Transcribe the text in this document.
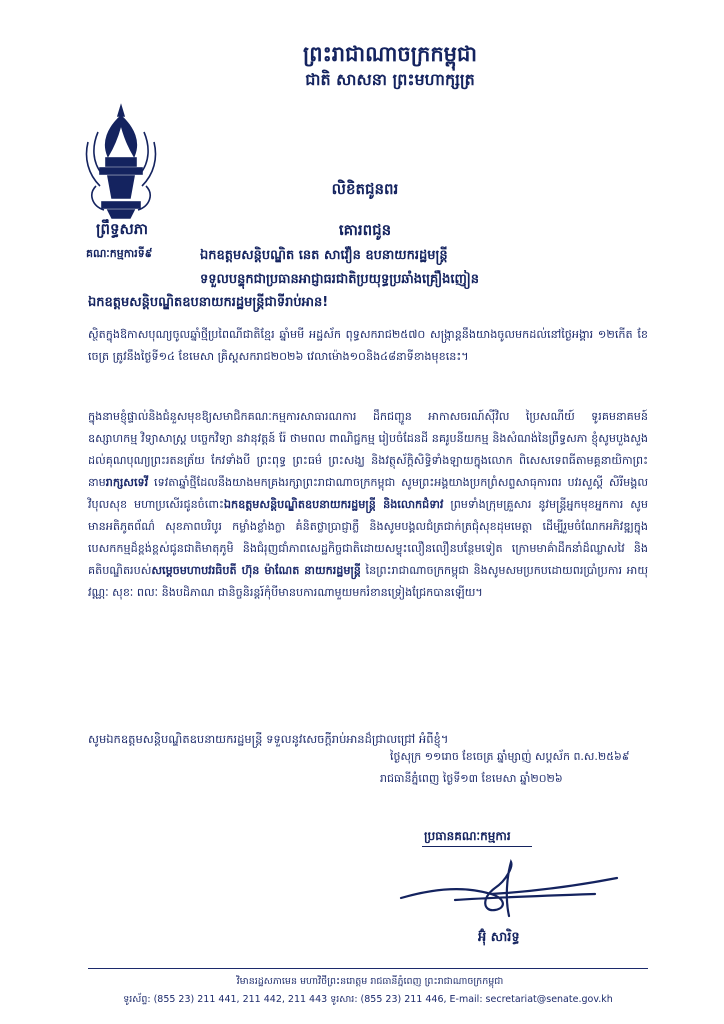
ព្រះរាជាណាចក្រកម្ពុជា
ជាតិ សាសនា ព្រះមហាក្សត្រ
ព្រឹទ្ធសភា
គណៈកម្មការទី៩
លិខិតជូនពរ
គោរពជូន
ឯកឧត្តមសន្តិបណ្ឌិត នេត សាវឿន ឧបនាយករដ្ឋមន្ត្រី
ទទួលបន្ទុកជាប្រធានអាជ្ញាធរជាតិប្រយុទ្ធប្រឆាំងគ្រឿងញៀន
ឯកឧត្តមសន្តិបណ្ឌិតឧបនាយករដ្ឋមន្ត្រីជាទីរាប់អាន!
ស្ថិតក្នុងឱកាសបុណ្យចូលឆ្នាំថ្មីប្រពៃណីជាតិខ្មែរ ឆ្នាំមមី អដ្ឋស័ក ពុទ្ធសករាជ២៥៧០ សង្ក្រាន្តនឹងយាងចូលមកដល់នៅថ្ងៃអង្គារ ១២កើត ខែចេត្រ ត្រូវនឹងថ្ងៃទី១៤ ខែមេសា គ្រិស្តសករាជ២០២៦ វេលាម៉ោង១០និង៤៨នាទីខាងមុខនេះ។
ក្នុងនាមខ្ញុំផ្ទាល់និងជំនួសមុខឱ្យសមាជិកគណៈកម្មការសាធារណការ ដឹកជញ្ជូន អាកាសចរណ៍ស៊ីវិល ប្រៃសណីយ៍ ទូរគមនាគមន៍ ឧស្សាហកម្ម វិទ្យាសាស្ត្រ បច្ចេកវិទ្យា នវានុវត្តន៍ រ៉ែ ថាមពល ពាណិជ្ជកម្ម រៀបចំដែនដី នគរូបនីយកម្ម និងសំណង់នៃព្រឹទ្ធសភា ខ្ញុំសូមបួងសួងដល់គុណបុណ្យព្រះរតនត្រ័យ កែវទាំងបី ព្រះពុទ្ធ ព្រះធម៌ ព្រះសង្ឃ និងវត្ថុស័ក្តិសិទ្ធិទាំងឡាយក្នុងលោក ពិសេសទេពធីតាមគ្គនាយិកាព្រះនាមរាក្សសទេវី ទេវតាឆ្នាំថ្មីដែលនឹងយាងមកគ្រងរក្សាព្រះរាជាណាចក្រកម្ពុជា សូមព្រះអង្គយាងប្រកព្រំសព្ទសាធុការពរ បវរសួស្តី សិរីមង្គលវិបុលសុខ មហាប្រសើរជូនចំពោះឯកឧត្តមសន្តិបណ្ឌិតឧបនាយករដ្ឋមន្ត្រី និងលោកជំទាវ ព្រមទាំងក្រុមគ្រួសារ នូវមន្ត្រីអ្នកមុខអ្នកការ សូមមានអតិភូតព័ណ៌ សុខភាពបរិបូរ កម្លាំងខ្លាំងក្លា គំនិតថ្លាប្រាជ្ញាភ្លឺ និងសូមបង្គលជំត្រជាក់ត្រជុំសុខដុមមេត្តា ដើម្បីរួមចំណែកអភិវឌ្ឍក្នុងបេសកកម្មដ៏ខ្ពង់ខ្ពស់ជូនជាតិមាតុភូមិ និងជំរុញជាំភាពសេដ្ឋកិច្ចជាតិដោយសម្ទុះលឿនលឿនបន្ថែមទៀត ក្រោមមាគ៌ាដឹកនាំដ៏ឈ្លាសវៃ និងគតិបណ្ឌិតរបស់សម្តេចមហាបវរធិបតី ហ៊ុន ម៉ាណែត នាយករដ្ឋមន្ត្រី នៃព្រះរាជាណាចក្រកម្ពុជា និងសូមសមប្រកបដោយពរប្រាំប្រការ អាយុ វណ្ណៈ សុខៈ ពលៈ និងបដិភាណ ជានិច្ចនិរន្តរ៍កុំបីមានបការណាមួយមករំខានទ្រៀងជ្រែកបានឡើយ។
សូមឯកឧត្តមសន្តិបណ្ឌិតឧបនាយករដ្ឋមន្ត្រី ទទួលនូវសេចក្តីរាប់អានដ៏ជ្រាលជ្រៅ អំពីខ្ញុំ។
ថ្ងៃសុក្រ ១១រោច ខែចេត្រ ឆ្នាំម្សាញ់ សប្តស័ក ព.ស.២៥៦៩
រាជធានីភ្នំពេញ ថ្ងៃទី១៣ ខែមេសា ឆ្នាំ២០២៦
ប្រធានគណៈកម្មការ
អ៊ុំ សារិទ្ធ
វិមានរដ្ឋសភាមេន មហាវិថីព្រះនរោត្តម រាជធានីភ្នំពេញ ព្រះរាជាណាចក្រកម្ពុជា
ទូរស័ព្ទ: (855 23) 211 441, 211 442, 211 443 ទូរសារ: (855 23) 211 446, E-mail: secretariat@senate.gov.kh
